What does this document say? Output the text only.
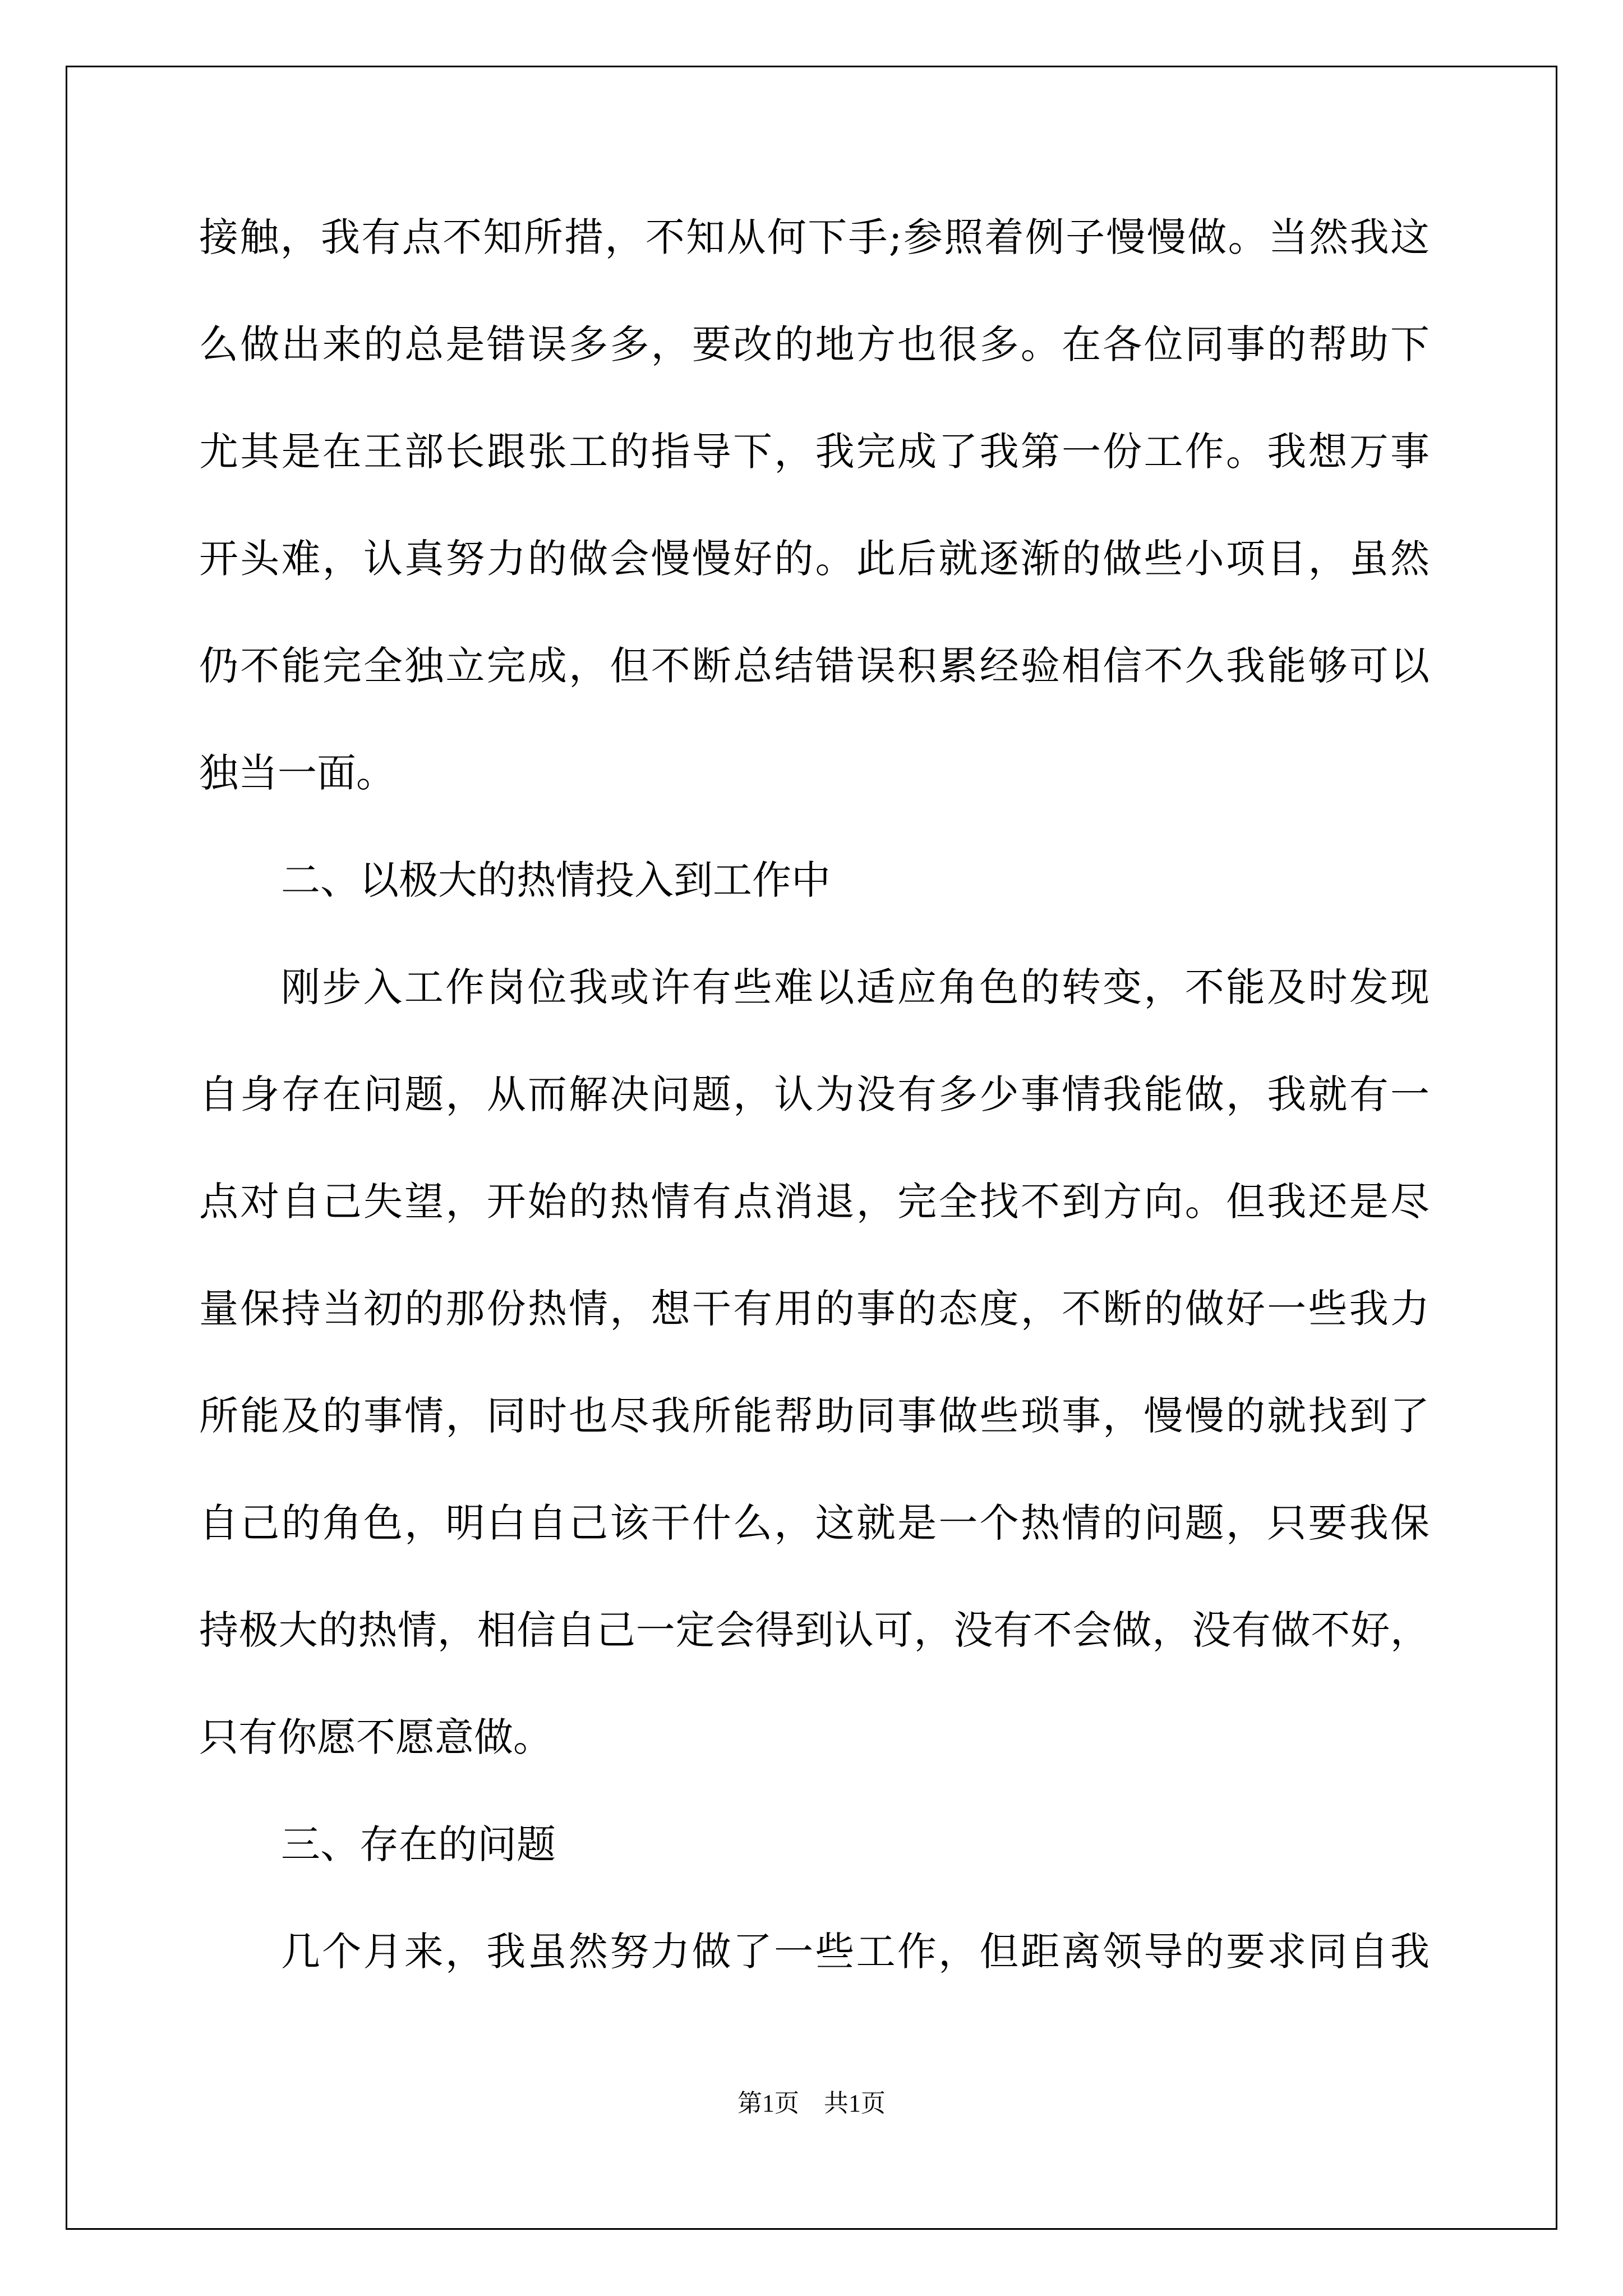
接触，我有点不知所措，不知从何下手;参照着例子慢慢做。当然我这

么做出来的总是错误多多，要改的地方也很多。在各位同事的帮助下

尤其是在王部长跟张工的指导下，我完成了我第一份工作。我想万事

开头难，认真努力的做会慢慢好的。此后就逐渐的做些小项目，虽然

仍不能完全独立完成，但不断总结错误积累经验相信不久我能够可以

独当一面。

二、以极大的热情投入到工作中

刚步入工作岗位我或许有些难以适应角色的转变，不能及时发现

自身存在问题，从而解决问题，认为没有多少事情我能做，我就有一

点对自己失望，开始的热情有点消退，完全找不到方向。但我还是尽

量保持当初的那份热情，想干有用的事的态度，不断的做好一些我力

所能及的事情，同时也尽我所能帮助同事做些琐事，慢慢的就找到了

自己的角色，明白自己该干什么，这就是一个热情的问题，只要我保

持极大的热情，相信自己一定会得到认可，没有不会做，没有做不好，

只有你愿不愿意做。

三、存在的问题

几个月来，我虽然努力做了一些工作，但距离领导的要求同自我

第1页　共1页
